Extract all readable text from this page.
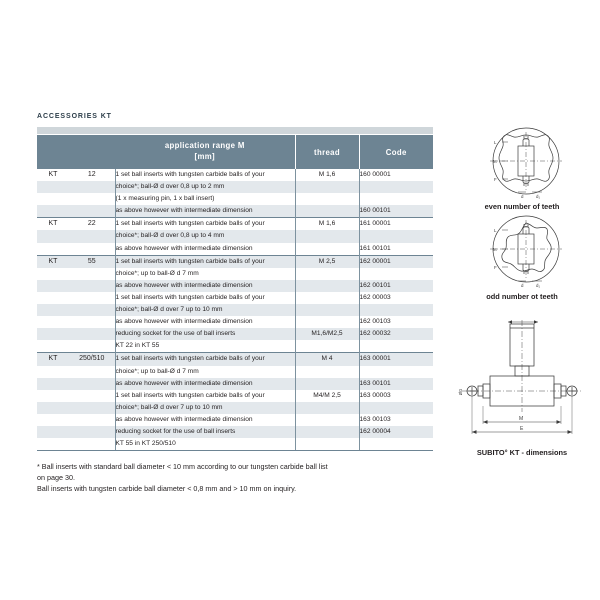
ACCESSORIES KT
		application range M
[mm]	thread	Code
KT	12	1 set ball inserts with tungsten carbide balls of your	M 1,6	160 00001
		choice*; ball-Ø d over 0,8 up to 2 mm		
		(1 x measuring pin, 1 x ball insert)		
		as above however with intermediate dimension		160 00101
KT	22	1 set ball inserts with tungsten carbide balls of your	M 1,6	161 00001
		choice*; ball-Ø d over 0,8 up to 4 mm		
		as above however with intermediate dimension		161 00101
KT	55	1 set ball inserts with tungsten carbide balls of your	M 2,5	162 00001
		choice*; up to ball-Ø d 7 mm		
		as above however with intermediate dimension		162 00101
		1 set ball inserts with tungsten carbide balls of your		162 00003
		choice*; ball-Ø d over 7 up to 10 mm		
		as above however with intermediate dimension		162 00103
		reducing socket for the use of ball inserts	M1,6/M2,5	162 00032
		KT 22 in KT 55		
KT	250/510	1 set ball inserts with tungsten carbide balls of your	M 4	163 00001
		choice*; up to ball-Ø d 7 mm		
		as above however with intermediate dimension		163 00101
		1 set ball inserts with tungsten carbide balls of your	M4/M 2,5	163 00003
		choice*; ball-Ø d over 7 up to 10 mm		
		as above however with intermediate dimension		163 00103
		reducing socket for the use of ball inserts		162 00004
		KT 55 in KT 250/510		
* Ball inserts with standard ball diameter < 10 mm according to our tungsten carbide ball list
on page 30.
Ball inserts with tungsten carbide ball diameter < 0,8 mm and > 10 mm on inquiry.
L
M
F
d	d₁
even number of teeth
L
M
F
d	d₁
odd number ot teeth
M
E
ØG
SUBITO° KT - dimensions
